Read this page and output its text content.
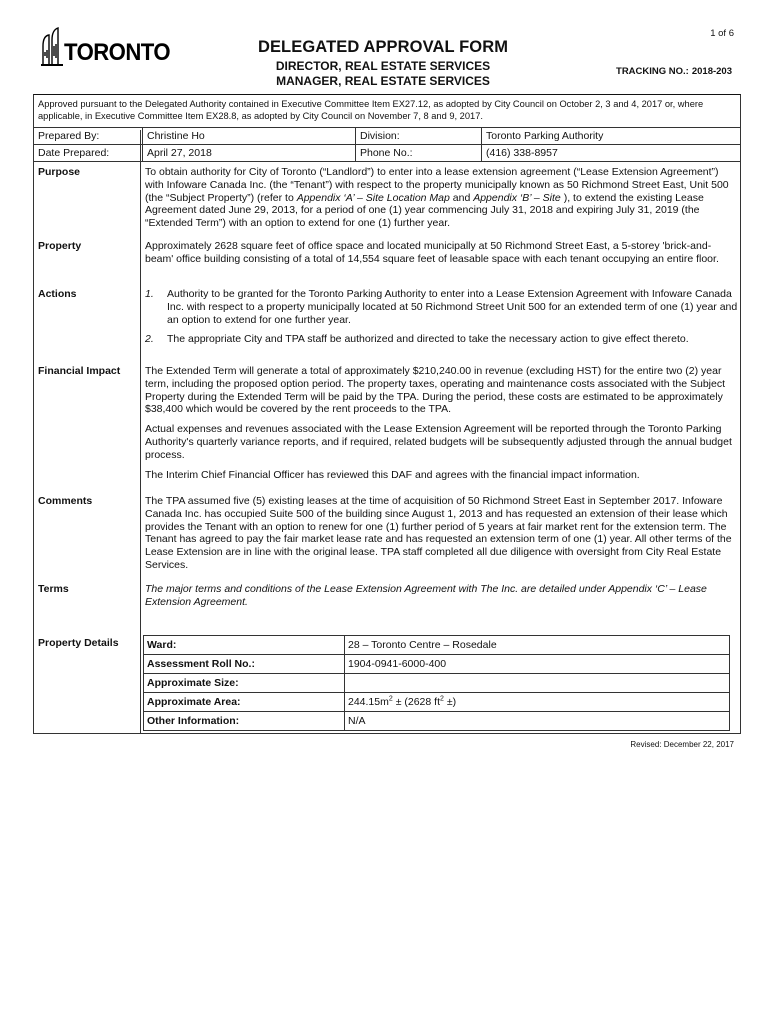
1 of 6
TORONTO	DELEGATED APPROVAL FORM
DIRECTOR, REAL ESTATE SERVICES
MANAGER, REAL ESTATE SERVICES
TRACKING NO.: 2018-203
Approved pursuant to the Delegated Authority contained in Executive Committee Item EX27.12, as adopted by City Council on October 2, 3 and 4, 2017 or, where applicable, in Executive Committee Item EX28.8, as adopted by City Council on November 7, 8 and 9, 2017.
Prepared By:	Christine Ho	Division:	Toronto Parking Authority
Date Prepared:	April 27, 2018	Phone No.:	(416) 338-8957
Purpose	To obtain authority for City of Toronto (“Landlord”) to enter into a lease extension agreement (“Lease Extension Agreement”) with Infoware Canada Inc. (the “Tenant”) with respect to the property municipally known as 50 Richmond Street East, Unit 500 (the “Subject Property”) (refer to Appendix ‘A’ – Site Location Map and Appendix ‘B’ – Site ), to extend the existing Lease Agreement dated June 29, 2013, for a period of one (1) year commencing July 31, 2018 and expiring July 31, 2019 (the “Extended Term”) with an option to extend for one (1) further year.

Property	Approximately 2628 square feet of office space and located municipally at 50 Richmond Street East, a 5-storey 'brick-and-beam' office building consisting of a total of 14,554 square feet of leasable space with each tenant occupying an entire floor.
Actions	1.	Authority to be granted for the Toronto Parking Authority to enter into a Lease Extension Agreement with Infoware Canada Inc. with respect to a property municipally located at 50 Richmond Street Unit 500 for an extended term of one (1) year and an option to extend for one further year.
2.	The appropriate City and TPA staff be authorized and directed to take the necessary action to give effect thereto.
Financial Impact The Extended Term will generate a total of approximately $210,240.00 in revenue (excluding HST) for the entire two (2) year term, including the proposed option period. The property taxes, operating and maintenance costs associated with the Subject Property during the Extended Term will be paid by the TPA. During the period, these costs are estimated to be approximately $38,400 which would be covered by the rent proceeds to the TPA.

Actual expenses and revenues associated with the Lease Extension Agreement will be reported through the Toronto Parking Authority's quarterly variance reports, and if required, related budgets will be subsequently adjusted through the annual budget process.

The Interim Chief Financial Officer has reviewed this DAF and agrees with the financial impact information.

Comments	The TPA assumed five (5) existing leases at the time of acquisition of 50 Richmond Street East in September 2017. Infoware Canada Inc. has occupied Suite 500 of the building since August 1, 2013 and has requested an extension of their lease which provides the Tenant with an option to renew for one (1) further period of 5 years at fair market rent for the extension term. The Tenant has agreed to pay the fair market lease rate and has requested an extension term of one (1) year. All other terms of the Lease Extension are in line with the original lease. TPA staff completed all due diligence with oversight from City Real Estate Services.
Terms	The major terms and conditions of the Lease Extension Agreement with The Inc. are detailed under Appendix ‘C’ – Lease Extension Agreement.
Property Details	Ward:	28 – Toronto Centre – Rosedale
Assessment Roll No.:	1904-0941-6000-400
Approximate Size:	
Approximate Area:	$244.15m^2 \pm (2628$ $ft^2$ ±)
Other Information:	N/A
Revised: December 22, 2017
